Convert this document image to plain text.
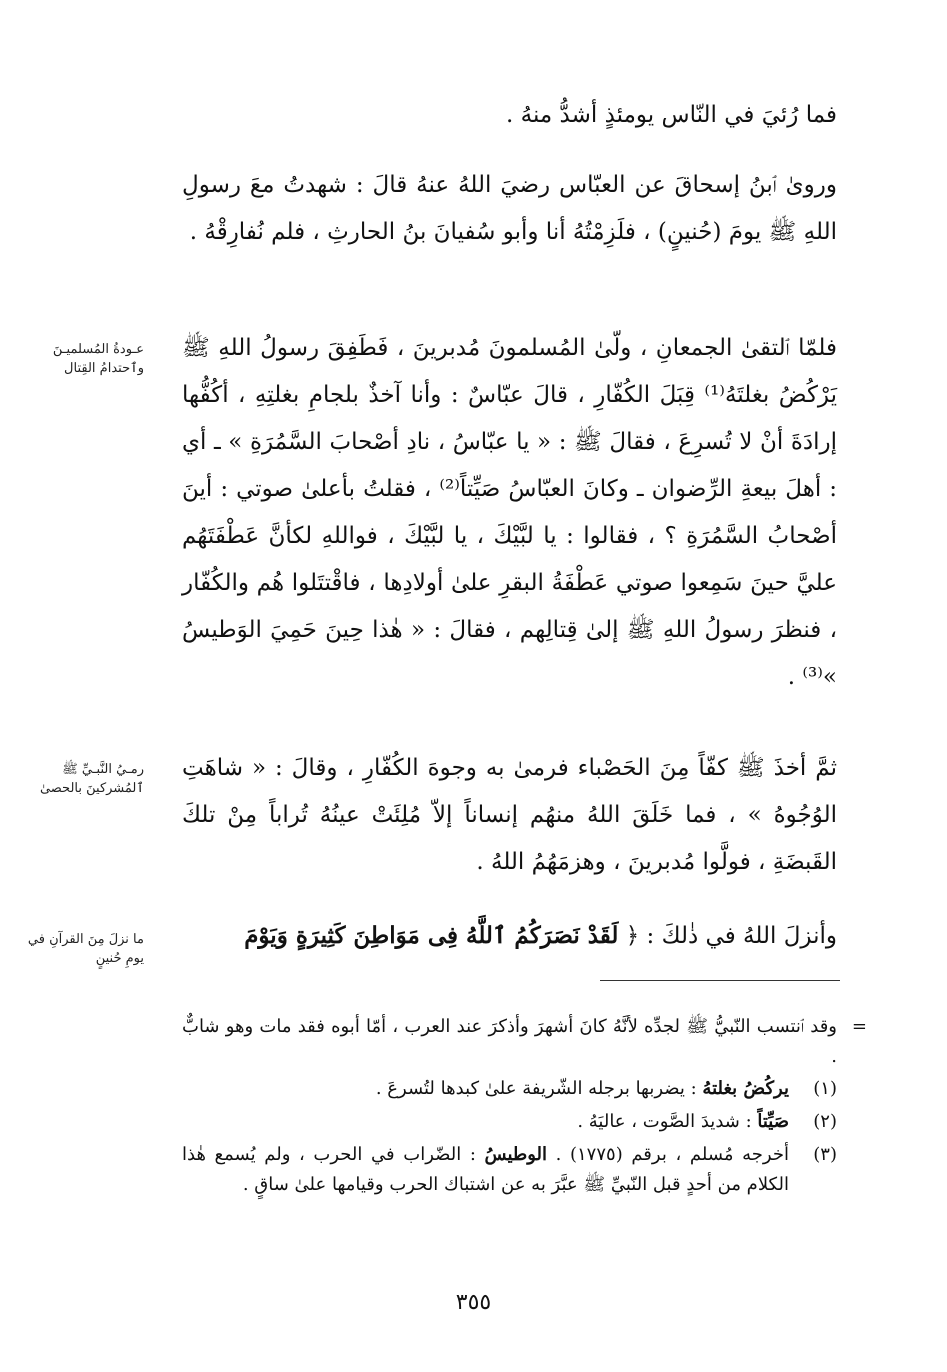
فما رُئيَ في النّاس يومئذٍ أشدُّ منهُ .

وروىٰ ٱبنُ إسحاقَ عن العبّاس رضيَ اللهُ عنهُ قالَ : شهدتُ معَ رسولِ اللهِ ﷺ يومَ (حُنينٍ) ، فلَزِمْتُهُ أنا وأبو سُفيانَ بنُ الحارثِ ، فلم نُفارِقْهُ .

فلمّا ٱلتقىٰ الجمعانِ ، ولّىٰ المُسلمونَ مُدبرينَ ، فَطَفِقَ رسولُ اللهِ ﷺ يَرْكُضُ بغلتَهُ⁽¹⁾ قِبَلَ الكُفّارِ ، قالَ عبّاسٌ : وأنا آخذٌ بلجامِ بغلتِهِ ، أكُفُّها إرادَةَ أنْ لا تُسرِعَ ، فقالَ ﷺ : « يا عبّاسُ ، نادِ أصْحابَ السَّمُرَةِ » ـ أي : أهلَ بيعةِ الرِّضوان ـ وكانَ العبّاسُ صَيِّتاً⁽²⁾ ، فقلتُ بأعلىٰ صوتي : أينَ أصْحابُ السَّمُرَةِ ؟ ، فقالوا : يا لبَّيْكَ ، يا لبَّيْكَ ، فواللهِ لكأنَّ عَطْفَتَهُم عليَّ حينَ سَمِعوا صوتي عَطْفَةُ البقرِ علىٰ أولادِها ، فاقْتتَلوا هُم والكُفّار ، فنظرَ رسولُ اللهِ ﷺ إلىٰ قِتالِهم ، فقالَ : « هٰذا حِينَ حَمِيَ الوَطيسُ »⁽³⁾ .

ثمَّ أخذَ ﷺ كفّاً مِنَ الحَصْباء فرمىٰ به وجوهَ الكُفّارِ ، وقالَ : « شاهَتِ الوُجُوهُ » ، فما خَلَقَ اللهُ منهُم إنساناً إلاّ مُلِئَتْ عينُهُ تُراباً مِنْ تلكَ القَبضَةِ ، فولَّوا مُدبرينَ ، وهزمَهُمُ اللهُ .

وأنزلَ اللهُ في ذٰلكَ : ﴿ لَقَدْ نَصَرَكُمُ ٱللَّهُ فِى مَوَاطِنَ كَثِيرَةٍ وَيَوْمَ

عـودةُ المُسلميـنَ وٱحتدامُ القِتال
رمـيُ النَّبـيِّ ﷺ ٱلمُشركينَ بالحصىٰ
ما نزلَ مِنَ القرآنِ في يومِ حُنينٍ
=

وقد ٱنتسب النّبيُّ ﷺ لجدِّه لأنَّهُ كانَ أشهرَ وأذكرَ عند العرب ، أمّا أبوه فقد مات وهو شابٌّ .

(١)
يركُضُ بغلتهُ : يضربها برجله الشّريفة علىٰ كبدها لتُسرعَ .
(٢)
صَيِّتاً : شديدَ الصَّوت ، عاليَهُ .
(٣)
أخرجه مُسلم ، برقم (١٧٧٥) . الوطيسُ : الضّراب في الحرب ، ولم يُسمع هٰذا الكلام من أحدٍ قبل النّبيِّ ﷺ عبَّرَ به عن اشتباك الحرب وقيامها علىٰ ساقٍ .
٣٥٥
